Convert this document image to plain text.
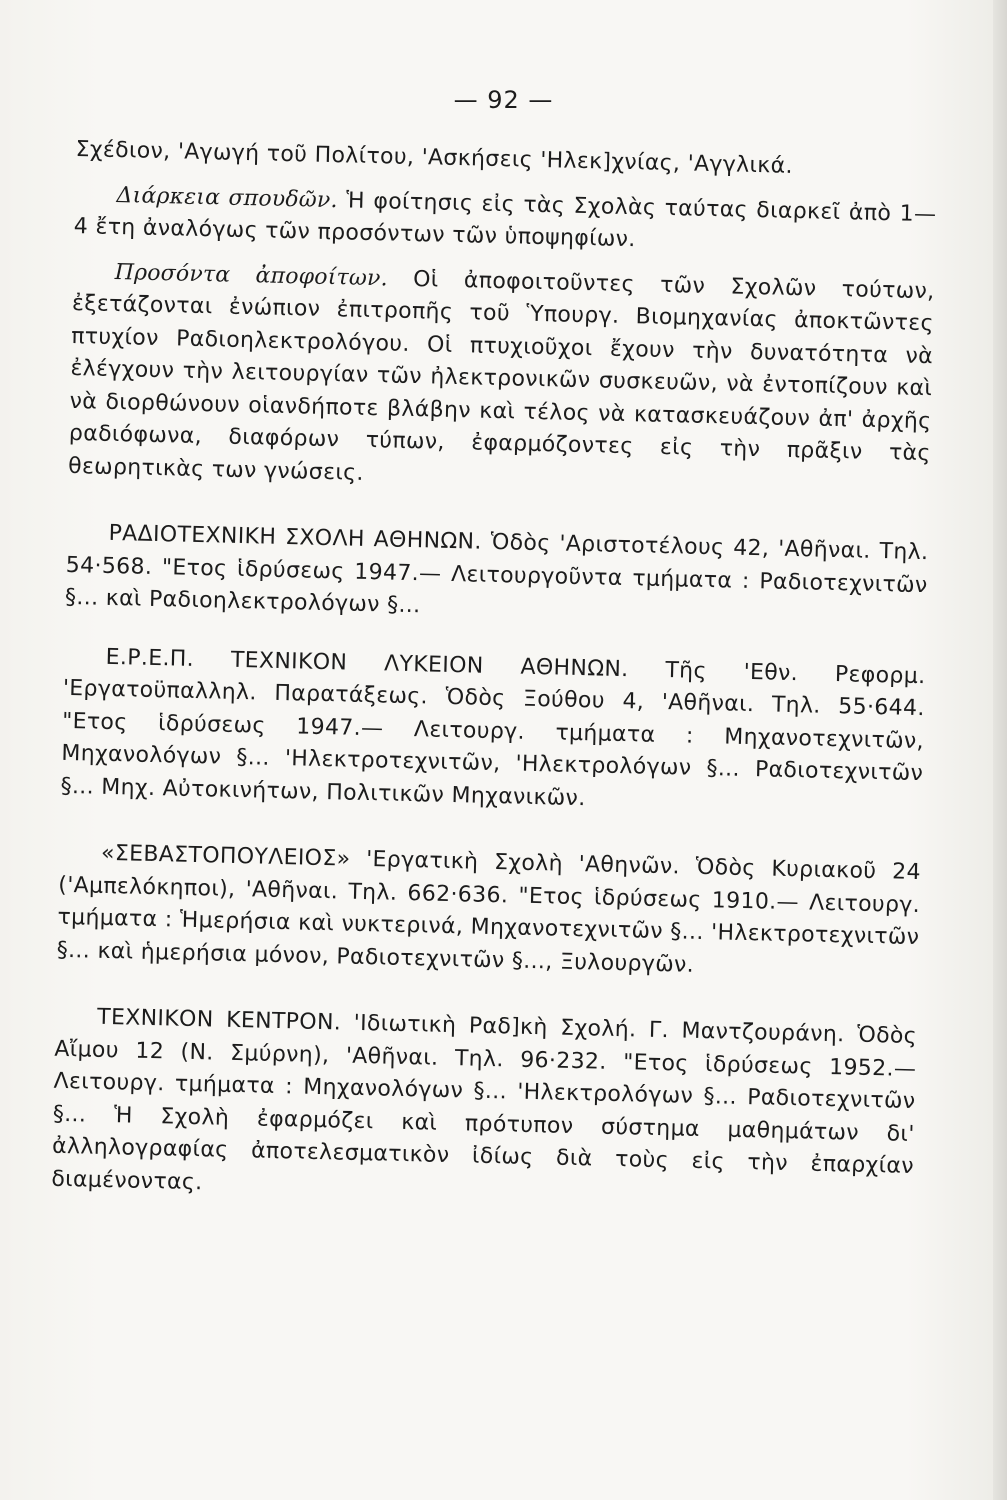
— 92 —

Σχέδιον, 'Αγωγή τοῦ Πολίτου, 'Ασκήσεις 'Ηλεκ]χνίας, 'Αγγλικά.

Διάρκεια σπουδῶν. Ἡ φοίτησις εἰς τὰς Σχολὰς ταύτας διαρκεῖ ἀπὸ 1—4 ἔτη ἀναλόγως τῶν προσόντων τῶν ὑποψηφίων.

Προσόντα ἀποφοίτων. Οἱ ἀποφοιτοῦντες τῶν Σχολῶν τούτων, ἐξετάζονται ἐνώπιον ἐπιτροπῆς τοῦ Ὑπουργ. Βιομηχανίας ἀποκτῶντες πτυχίον Ραδιοηλεκτρολόγου. Οἱ πτυχιοῦχοι ἔχουν τὴν δυνατότητα νὰ ἐλέγχουν τὴν λειτουργίαν τῶν ἠλεκτρονικῶν συσκευῶν, νὰ ἐντοπίζουν καὶ νὰ διορθώνουν οἱανδήποτε βλάβην καὶ τέλος νὰ κατασκευάζουν ἀπ' ἀρχῆς ραδιόφωνα, διαφόρων τύπων, ἐφαρμόζοντες εἰς τὴν πρᾶξιν τὰς θεωρητικὰς των γνώσεις.

ΡΑΔΙΟΤΕΧΝΙΚΗ ΣΧΟΛΗ ΑΘΗΝΩΝ. Ὁδὸς 'Αριστοτέλους 42, 'Αθῆναι. Τηλ. 54·568. "Ετος ἱδρύσεως 1947.— Λειτουργοῦντα τμήματα : Ραδιοτεχνιτῶν §... καὶ Ραδιοηλεκτρολόγων §...

Ε.Ρ.Ε.Π. ΤΕΧΝΙΚΟΝ ΛΥΚΕΙΟΝ ΑΘΗΝΩΝ. Τῆς 'Εθν. Ρεφορμ. 'Εργατοϋπαλληλ. Παρατάξεως. Ὁδὸς Ξούθου 4, 'Αθῆναι. Τηλ. 55·644. "Ετος ἱδρύσεως 1947.— Λειτουργ. τμήματα : Μηχανοτεχνιτῶν, Μηχανολόγων §... 'Ηλεκτροτεχνιτῶν, 'Ηλεκτρολόγων §... Ραδιοτεχνιτῶν §... Μηχ. Αὐτοκινήτων, Πολιτικῶν Μηχανικῶν.

«ΣΕΒΑΣΤΟΠΟΥΛΕΙΟΣ» 'Εργατικὴ Σχολὴ 'Αθηνῶν. Ὁδὸς Κυριακοῦ 24 ('Αμπελόκηποι), 'Αθῆναι. Τηλ. 662·636. "Ετος ἱδρύσεως 1910.— Λειτουργ. τμήματα : Ἡμερήσια καὶ νυκτερινά, Μηχανοτεχνιτῶν §... 'Ηλεκτροτεχνιτῶν §... καὶ ἡμερήσια μόνον, Ραδιοτεχνιτῶν §..., Ξυλουργῶν.

ΤΕΧΝΙΚΟΝ ΚΕΝΤΡΟΝ. 'Ιδιωτικὴ Ραδ]κὴ Σχολή. Γ. Μαντζουράνη. Ὁδὸς Αἴμου 12 (Ν. Σμύρνη), 'Αθῆναι. Τηλ. 96·232. "Ετος ἱδρύσεως 1952.— Λειτουργ. τμήματα : Μηχανολόγων §... 'Ηλεκτρολόγων §... Ραδιοτεχνιτῶν §... Ἡ Σχολὴ ἐφαρμόζει καὶ πρότυπον σύστημα μαθημάτων δι' ἀλληλογραφίας ἀποτελεσματικὸν ἰδίως διὰ τοὺς εἰς τὴν ἐπαρχίαν διαμένοντας.
